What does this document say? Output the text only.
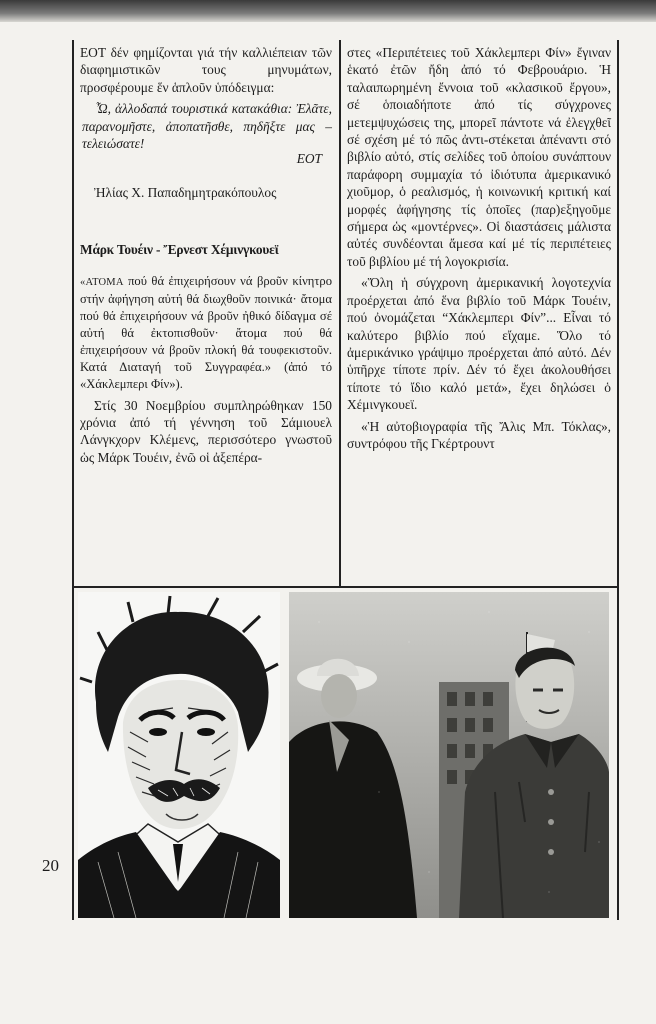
ΕΟΤ δέν φημίζονται γιά τήν καλλιέπειαν τῶν διαφημιστικῶν τους μηνυμάτων, προσφέρουμε ἕν ἁπλοῦν ὑπόδειγμα:

Ὦ, ἀλλοδαπά τουριστικά κατακάθια: Ἐλᾶτε, παρανομῆστε, ἀποπατῆσθε, πηδῆξτε μας – τελειώσατε!

ΕΟΤ

Ἠλίας Χ. Παπαδημητρακόπουλος

Μάρκ Τουέιν - Ἔρνεστ Χέμινγκουεϊ

«ΑΤΟΜΑ πού θά ἐπιχειρήσουν νά βροῦν κίνητρο στήν ἀφήγηση αὐτή θά διωχθοῦν ποινικά· ἄτομα πού θά ἐπιχειρήσουν νά βροῦν ἠθικό δίδαγμα σέ αὐτή θά ἐκτοπισθοῦν· ἄτομα πού θά ἐπιχειρήσουν νά βροῦν πλοκή θά τουφεκιστοῦν. Κατά Διαταγή τοῦ Συγγραφέα.» (ἀπό τό «Χάκλεμπερι Φίν»).

Στίς 30 Νοεμβρίου συμπληρώθηκαν 150 χρόνια ἀπό τή γέννηση τοῦ Σάμιουελ Λάνγκχορν Κλέμενς, περισσότερο γνωστοῦ ὡς Μάρκ Τουέιν, ἐνῶ οἱ ἀξεπέρα-

στες «Περιπέτειες τοῦ Χάκλεμπερι Φίν» ἔγιναν ἑκατό ἐτῶν ἤδη ἀπό τό Φεβρουάριο. Ἡ ταλαιπωρημένη ἔννοια τοῦ «κλασικοῦ ἔργου», σέ ὁποιαδήποτε ἀπό τίς σύγχρονες μετεμψυχώσεις της, μπορεῖ πάντοτε νά ἐλεγχθεῖ σέ σχέση μέ τό πῶς ἀντι-στέκεται ἀπέναντι στό βιβλίο αὐτό, στίς σελίδες τοῦ ὁποίου συνάπτουν παράφορη συμμαχία τό ἰδιότυπα ἀμερικανικό χιοῦμορ, ὁ ρεαλισμός, ἡ κοινωνική κριτική καί μορφές ἀφήγησης τίς ὁποῖες (παρ)εξηγοῦμε σήμερα ὡς «μοντέρνες». Οἱ διαστάσεις μάλιστα αὐτές συνδέονται ἄμεσα καί μέ τίς περιπέτειες τοῦ βιβλίου μέ τή λογοκρισία.

«Ὅλη ἡ σύγχρονη ἀμερικανική λογοτεχνία προέρχεται ἀπό ἕνα βιβλίο τοῦ Μάρκ Τουέιν, πού ὀνομάζεται “Χάκλεμπερι Φίν”... Εἶναι τό καλύτερο βιβλίο πού εἴχαμε. Ὅλο τό ἀμερικάνικο γράψιμο προέρχεται ἀπό αὐτό. Δέν ὑπῆρχε τίποτε πρίν. Δέν τό ἔχει ἀκολουθήσει τίποτε τό ἴδιο καλό μετά», ἔχει δηλώσει ὁ Χέμινγκουεϊ.

«Ἡ αὐτοβιογραφία τῆς Ἄλις Μπ. Τόκλας», συντρόφου τῆς Γκέρτρουντ

20
